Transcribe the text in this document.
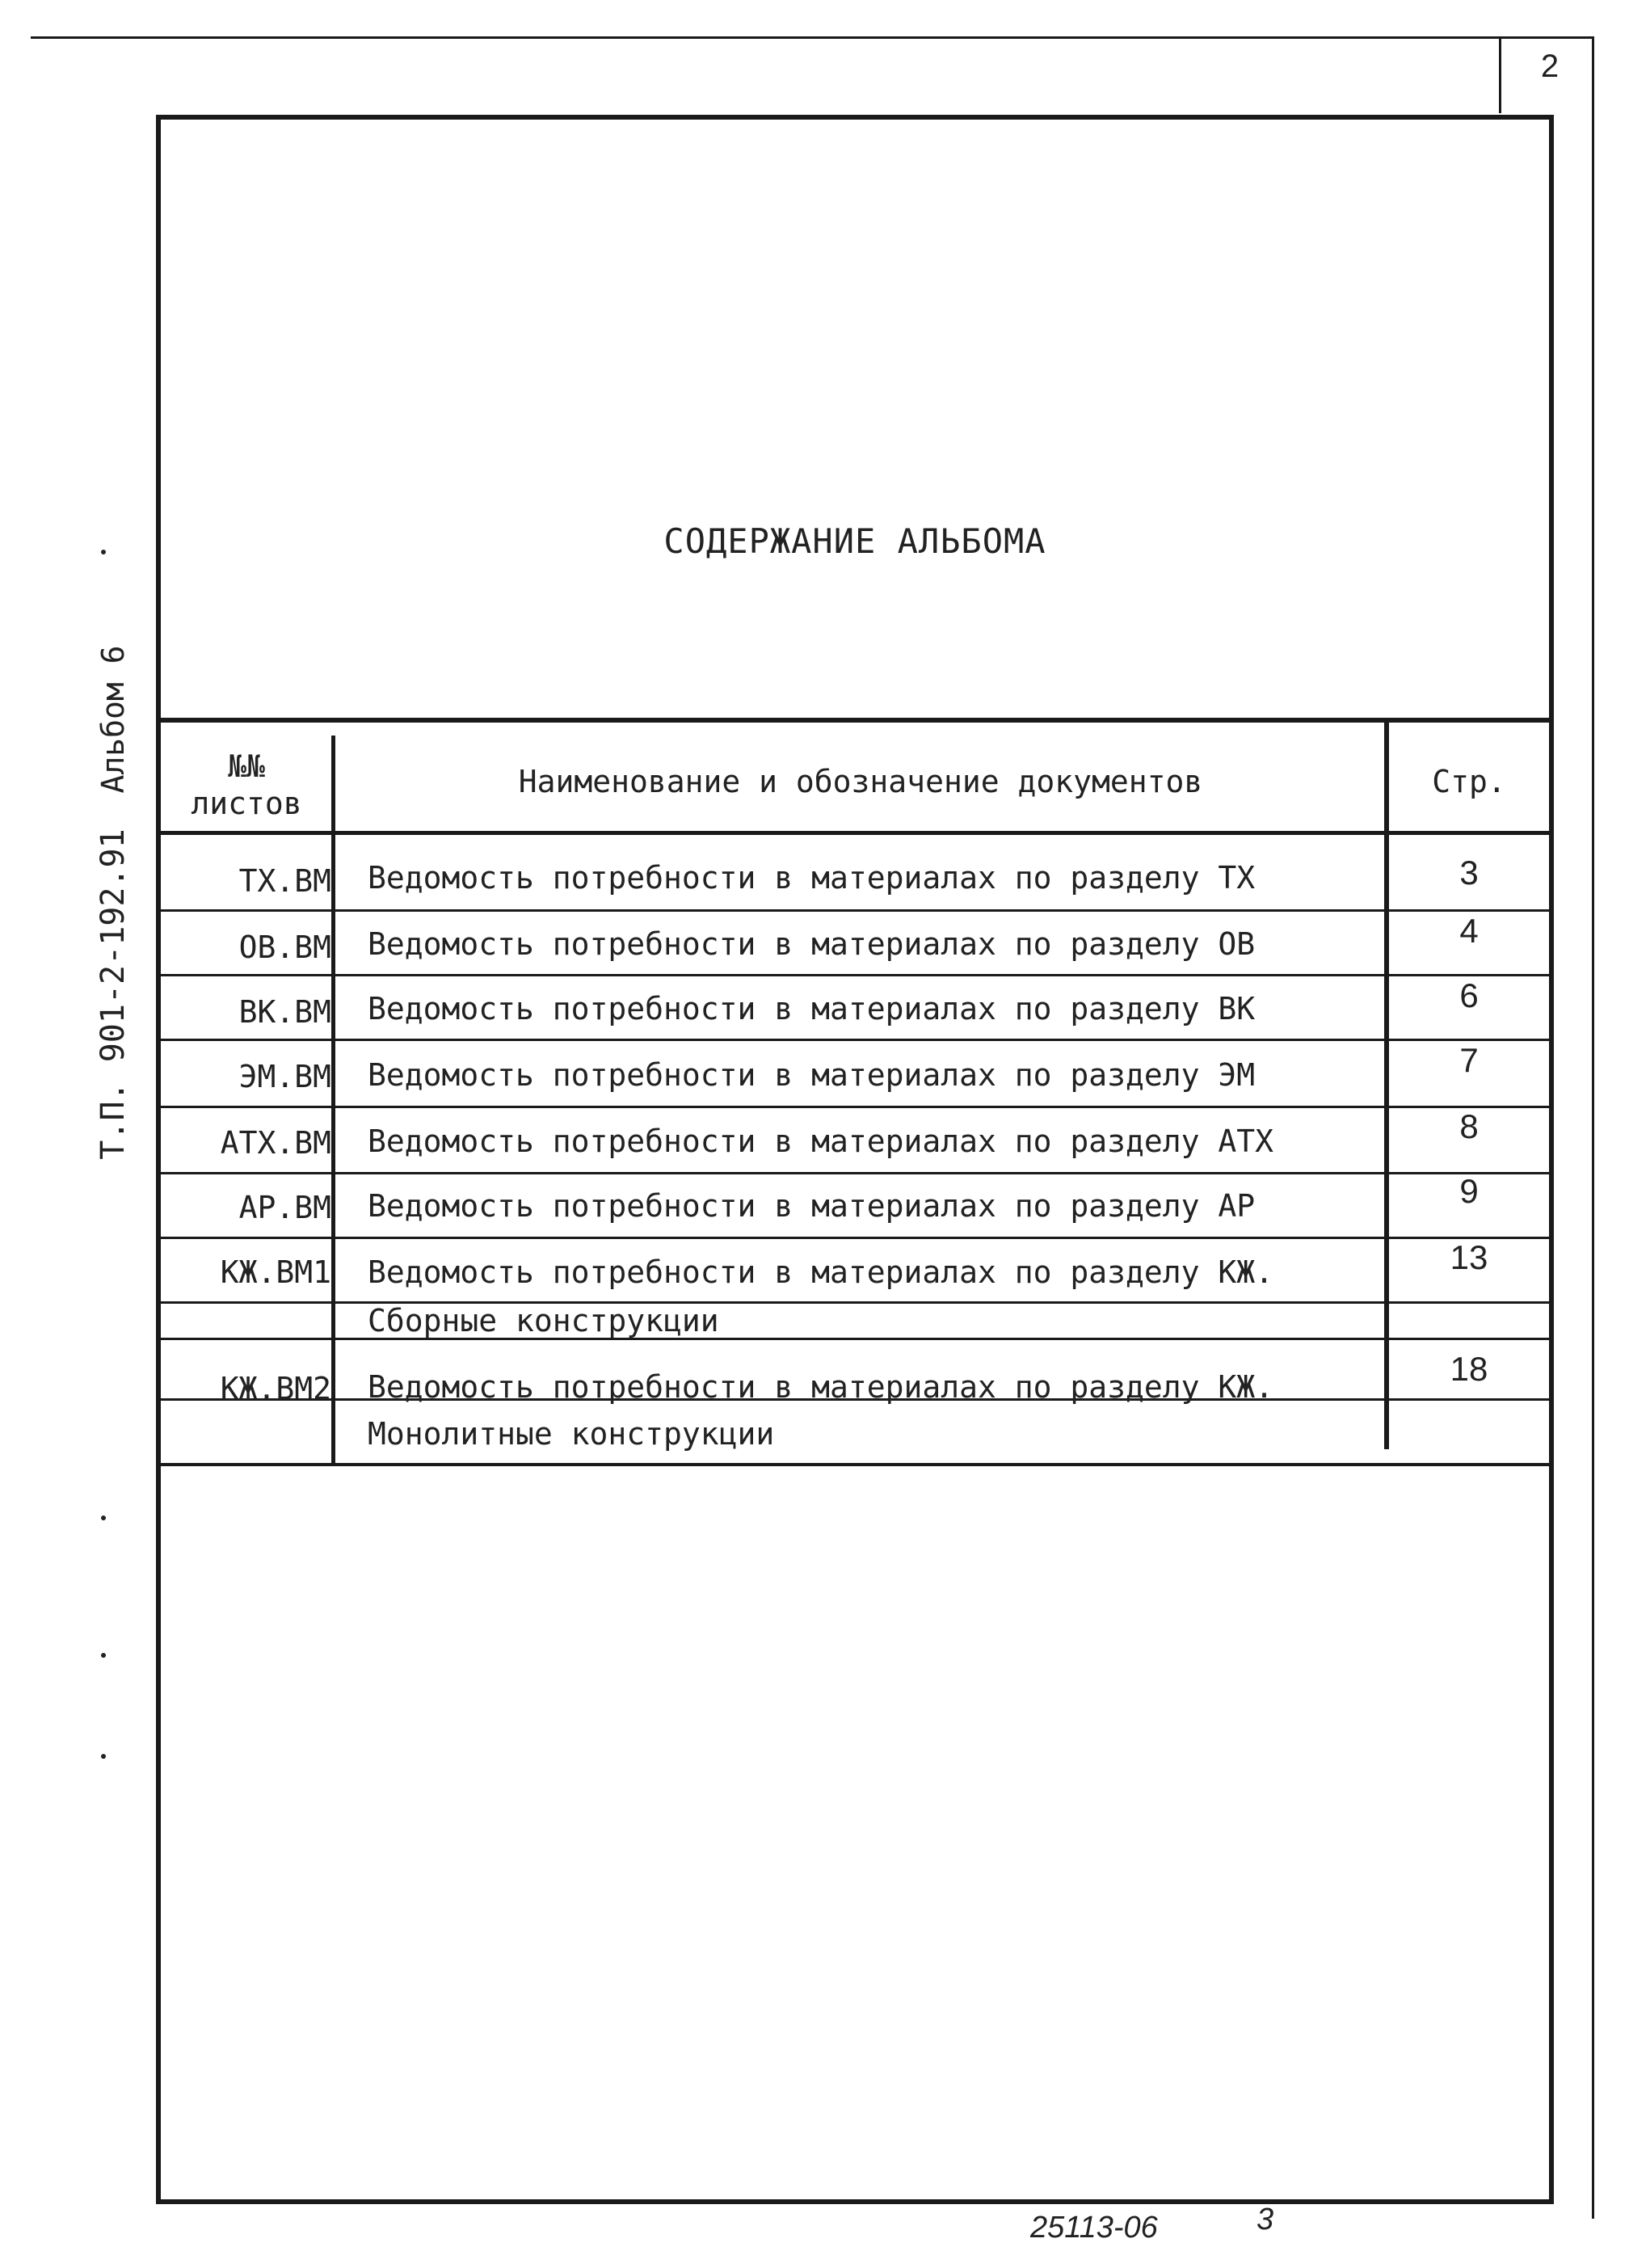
2
СОДЕРЖАНИЕ АЛЬБОМА
№№
листов
Наименование и обозначение документов	Стр.
ТХ.ВМ Ведомость потребности в материалах по разделу ТХ	3
ОВ.ВМ Ведомость потребности в материалах по разделу ОВ	4
ВК.ВМ Ведомость потребности в материалах по разделу ВК	6
ЭМ.ВМ Ведомость потребности в материалах по разделу ЭМ	7
АТХ.ВМ Ведомость потребности в материалах по разделу АТХ	8
АР.ВМ Ведомость потребности в материалах по разделу АР	9
КЖ.ВМ1 Ведомость потребности в материалах по разделу КЖ.	13
Сборные конструкции
КЖ.ВМ2 Ведомость потребности в материалах по разделу КЖ.	18
Монолитные конструкции
Т.П. 901-2-192.91
Альбом 6
25113-06	3
